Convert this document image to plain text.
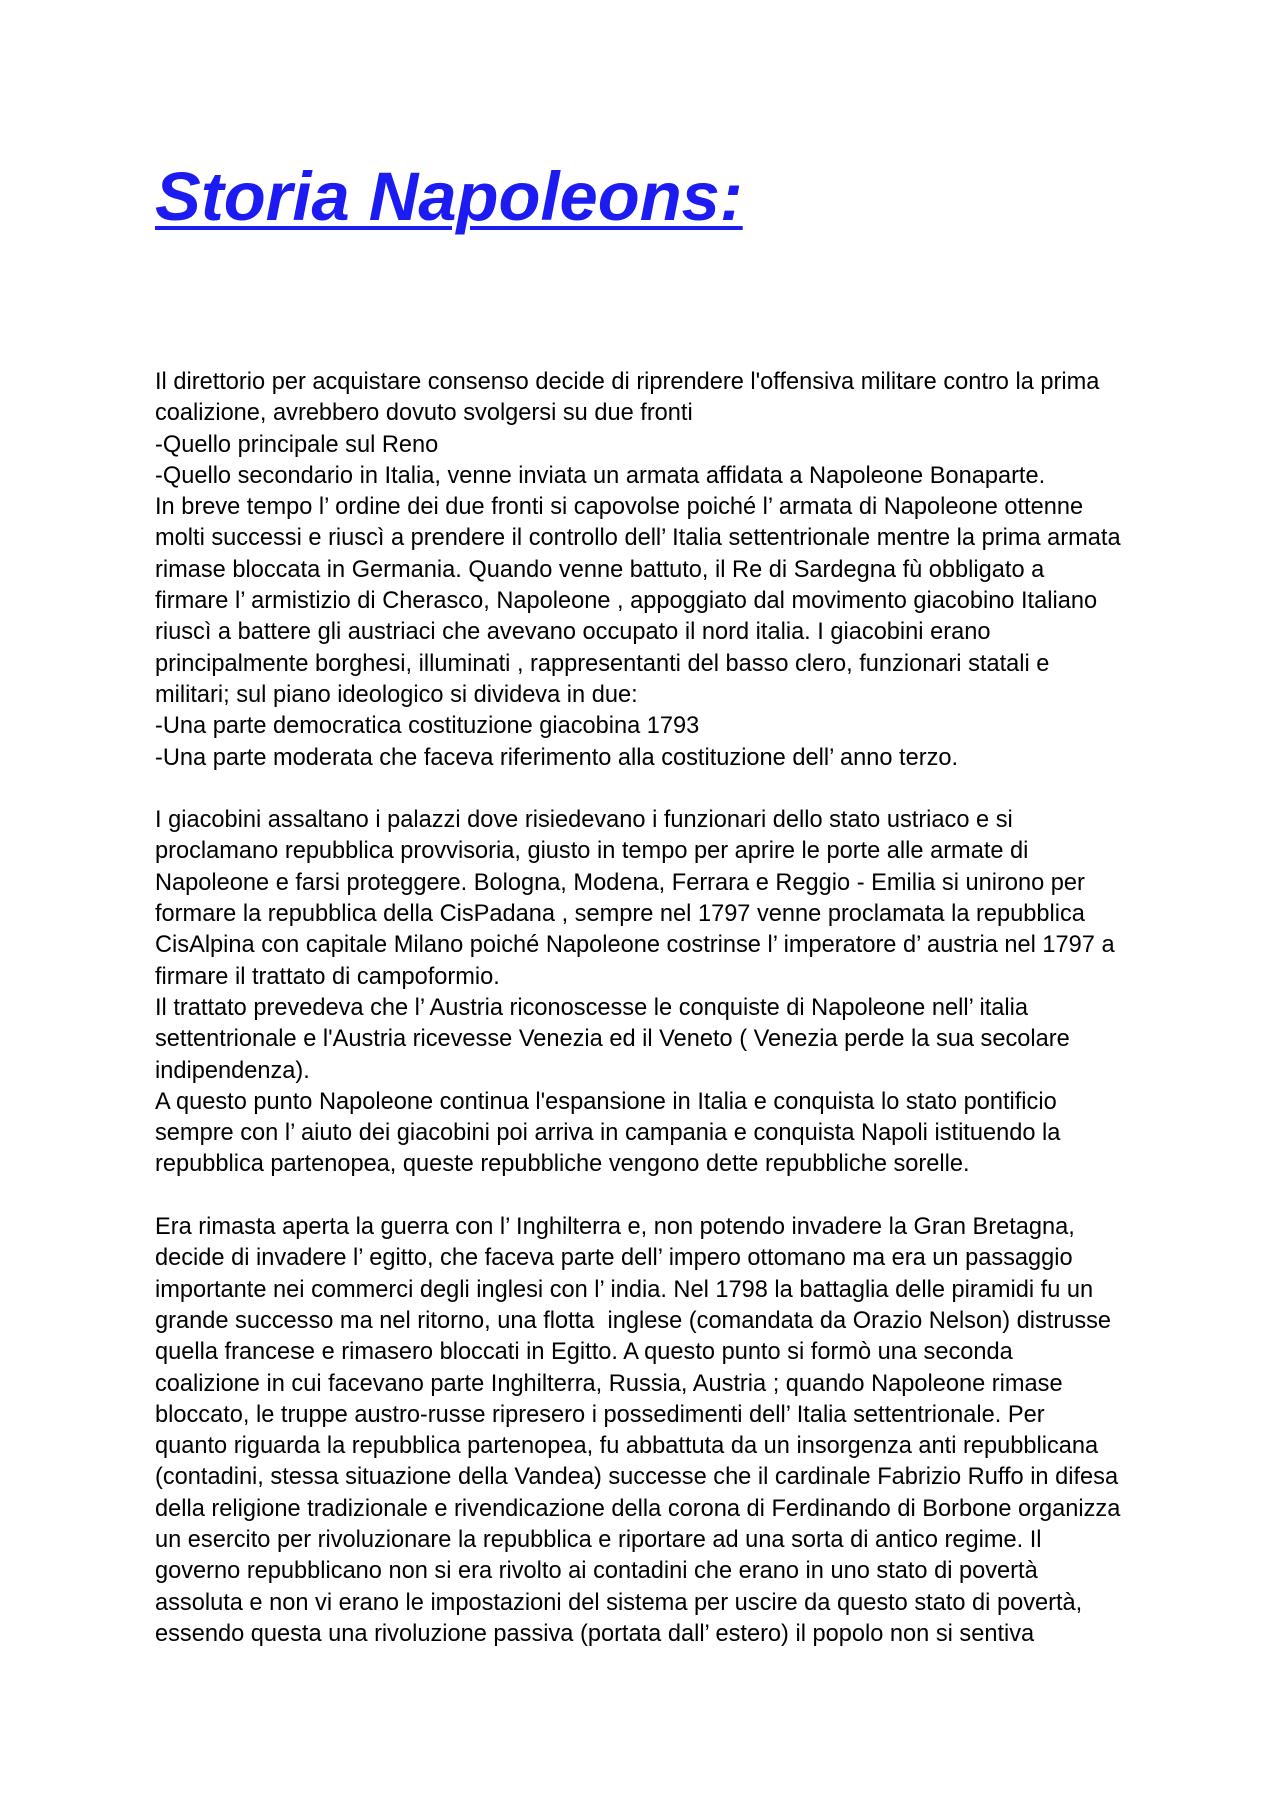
Storia Napoleons:
Il direttorio per acquistare consenso decide di riprendere l'offensiva militare contro la prima
coalizione, avrebbero dovuto svolgersi su due fronti
-Quello principale sul Reno
-Quello secondario in Italia, venne inviata un armata affidata a Napoleone Bonaparte.
In breve tempo l’ ordine dei due fronti si capovolse poiché l’ armata di Napoleone ottenne
molti successi e riuscì a prendere il controllo dell’ Italia settentrionale mentre la prima armata
rimase bloccata in Germania. Quando venne battuto, il Re di Sardegna fù obbligato a
firmare l’ armistizio di Cherasco, Napoleone , appoggiato dal movimento giacobino Italiano
riuscì a battere gli austriaci che avevano occupato il nord italia. I giacobini erano
principalmente borghesi, illuminati , rappresentanti del basso clero, funzionari statali e
militari; sul piano ideologico si divideva in due:
-Una parte democratica costituzione giacobina 1793
-Una parte moderata che faceva riferimento alla costituzione dell’ anno terzo.
I giacobini assaltano i palazzi dove risiedevano i funzionari dello stato ustriaco e si
proclamano repubblica provvisoria, giusto in tempo per aprire le porte alle armate di
Napoleone e farsi proteggere. Bologna, Modena, Ferrara e Reggio - Emilia si unirono per
formare la repubblica della CisPadana , sempre nel 1797 venne proclamata la repubblica
CisAlpina con capitale Milano poiché Napoleone costrinse l’ imperatore d’ austria nel 1797 a
firmare il trattato di campoformio.
Il trattato prevedeva che l’ Austria riconoscesse le conquiste di Napoleone nell’ italia
settentrionale e l'Austria ricevesse Venezia ed il Veneto ( Venezia perde la sua secolare
indipendenza).
A questo punto Napoleone continua l'espansione in Italia e conquista lo stato pontificio
sempre con l’ aiuto dei giacobini poi arriva in campania e conquista Napoli istituendo la
repubblica partenopea, queste repubbliche vengono dette repubbliche sorelle.
Era rimasta aperta la guerra con l’ Inghilterra e, non potendo invadere la Gran Bretagna,
decide di invadere l’ egitto, che faceva parte dell’ impero ottomano ma era un passaggio
importante nei commerci degli inglesi con l’ india. Nel 1798 la battaglia delle piramidi fu un
grande successo ma nel ritorno, una flotta  inglese (comandata da Orazio Nelson) distrusse
quella francese e rimasero bloccati in Egitto. A questo punto si formò una seconda
coalizione in cui facevano parte Inghilterra, Russia, Austria ; quando Napoleone rimase
bloccato, le truppe austro-russe ripresero i possedimenti dell’ Italia settentrionale. Per
quanto riguarda la repubblica partenopea, fu abbattuta da un insorgenza anti repubblicana
(contadini, stessa situazione della Vandea) successe che il cardinale Fabrizio Ruffo in difesa
della religione tradizionale e rivendicazione della corona di Ferdinando di Borbone organizza
un esercito per rivoluzionare la repubblica e riportare ad una sorta di antico regime. Il
governo repubblicano non si era rivolto ai contadini che erano in uno stato di povertà
assoluta e non vi erano le impostazioni del sistema per uscire da questo stato di povertà,
essendo questa una rivoluzione passiva (portata dall’ estero) il popolo non si sentiva
